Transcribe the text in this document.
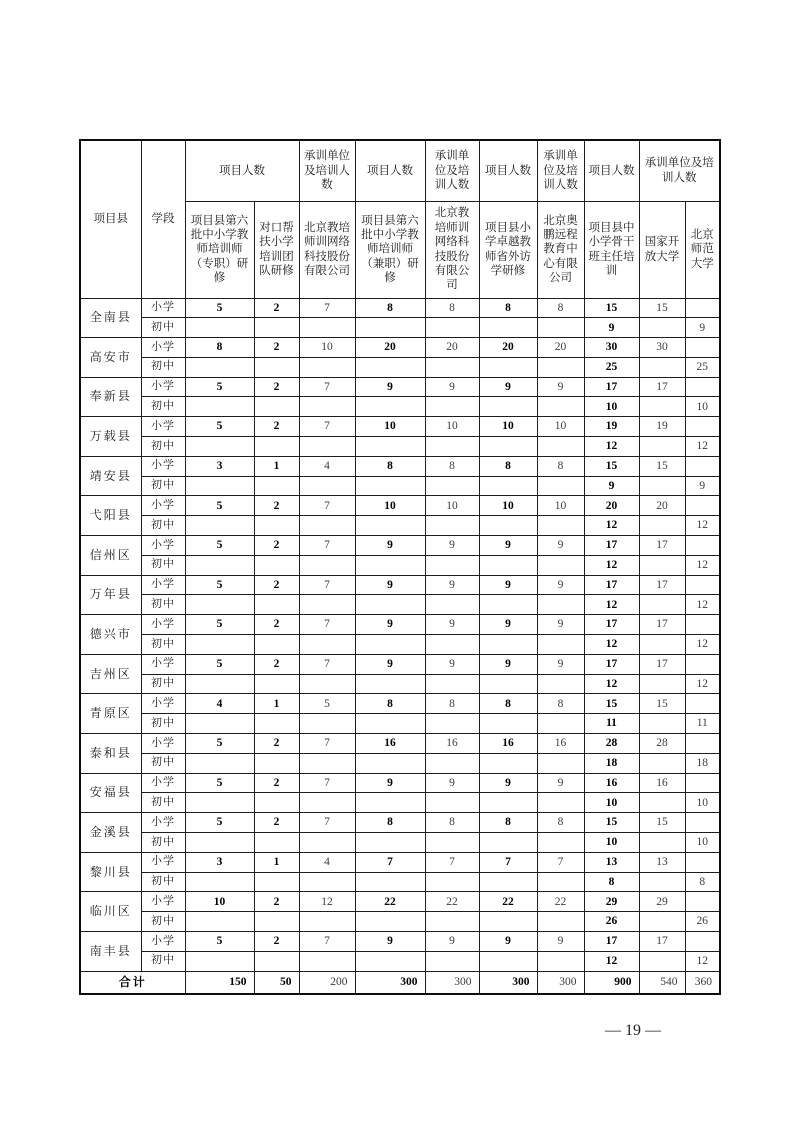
项目县	学段	项目人数		承训单位及培训人数	项目人数	承训单位及培训人数	项目人数	承训单位及培训人数	项目人数	承训单位及培训人数	
		项目县第六批中小学教师培训师（专职）研修	对口帮扶小学培训团队研修	北京教培师训网络科技股份有限公司	项目县第六批中小学教师培训师（兼职）研修	北京教培师训网络科技股份有限公司	项目县小学卓越教师省外访学研修	北京奥鹏远程教育中心有限公司	项目县中小学骨干班主任培训	国家开放大学	北京师范大学
全南县	小学	5	2	7	8	8	8	8	15	15	
	初中								9		9
高安市	小学	8	2	10	20	20	20	20	30	30	
	初中								25		25
奉新县	小学	5	2	7	9	9	9	9	17	17	
	初中								10		10
万载县	小学	5	2	7	10	10	10	10	19	19	
	初中								12		12
靖安县	小学	3	1	4	8	8	8	8	15	15	
	初中								9		9
弋阳县	小学	5	2	7	10	10	10	10	20	20	
	初中								12		12
信州区	小学	5	2	7	9	9	9	9	17	17	
	初中								12		12
万年县	小学	5	2	7	9	9	9	9	17	17	
	初中								12		12
德兴市	小学	5	2	7	9	9	9	9	17	17	
	初中								12		12
吉州区	小学	5	2	7	9	9	9	9	17	17	
	初中								12		12
青原区	小学	4	1	5	8	8	8	8	15	15	
	初中								11		11
泰和县	小学	5	2	7	16	16	16	16	28	28	
	初中								18		18
安福县	小学	5	2	7	9	9	9	9	16	16	
	初中								10		10
金溪县	小学	5	2	7	8	8	8	8	15	15	
	初中								10		10
黎川县	小学	3	1	4	7	7	7	7	13	13	
	初中								8		8
临川区	小学	10	2	12	22	22	22	22	29	29	
	初中								26		26
南丰县	小学	5	2	7	9	9	9	9	17	17	
	初中								12		12
合计		150	50	200	300	300	300	300	900	540	360
— 19 —
